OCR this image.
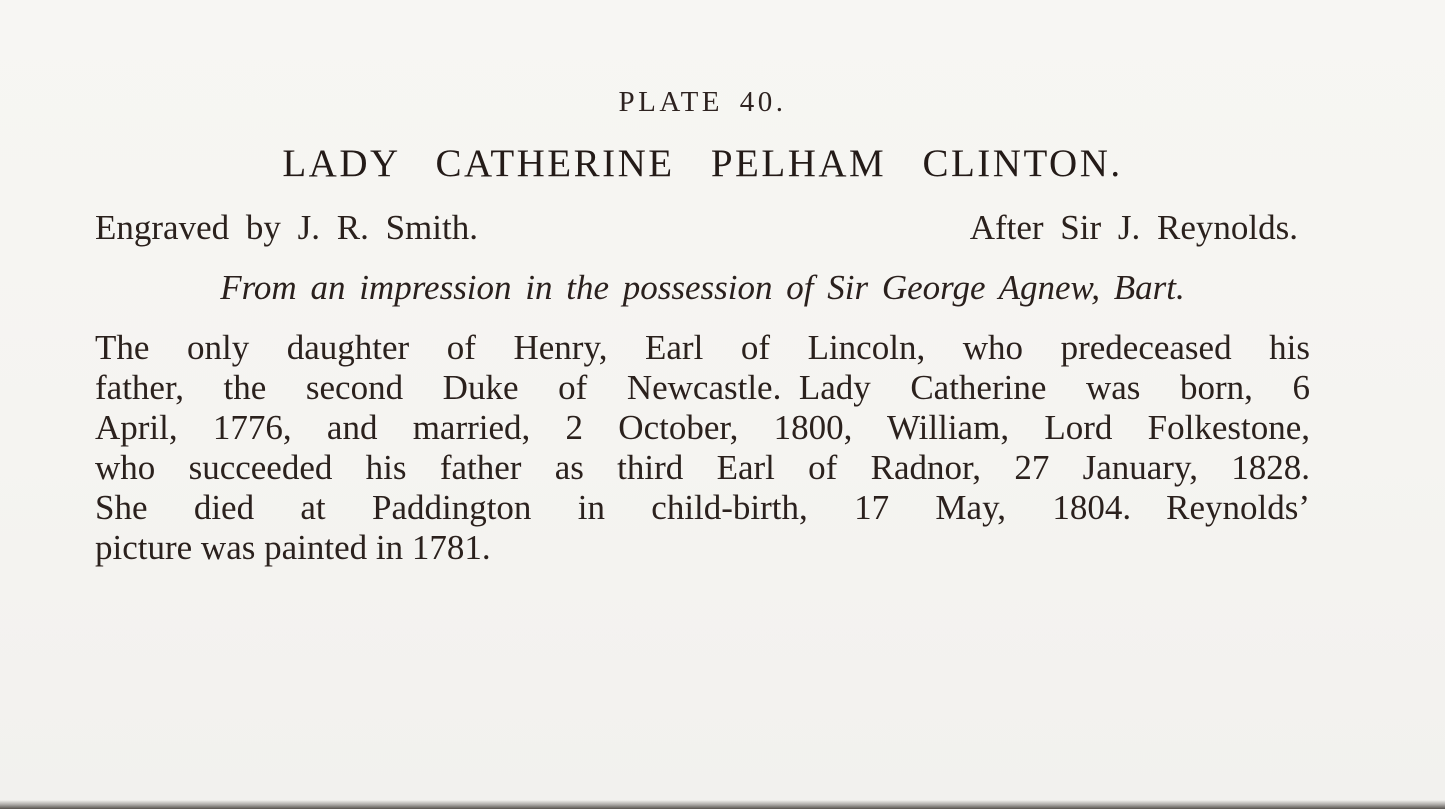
PLATE 40.
LADY CATHERINE PELHAM CLINTON.
Engraved by J. R. Smith.	After Sir J. Reynolds.
From an impression in the possession of Sir George Agnew, Bart.
The only daughter of Henry, Earl of Lincoln, who predeceased his
father, the second Duke of Newcastle. Lady Catherine was born, 6
April, 1776, and married, 2 October, 1800, William, Lord Folkestone,
who succeeded his father as third Earl of Radnor, 27 January, 1828.
She died at Paddington in child-birth, 17 May, 1804. Reynolds’
picture was painted in 1781.
